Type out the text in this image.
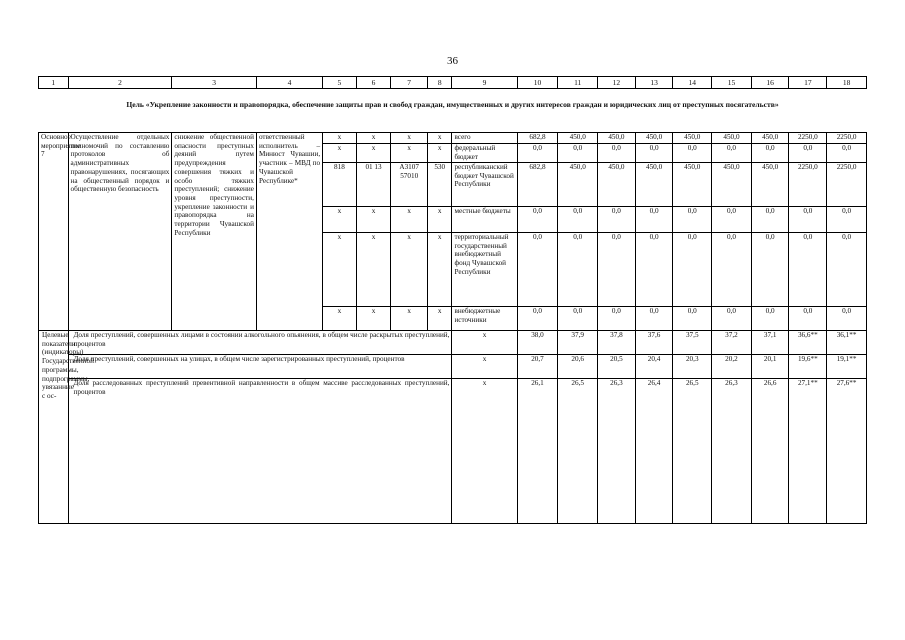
36
1	2	3	4	5	6	7	8	9	10	11	12	13	14	15	16	17	18
Цель «Укрепление законности и правопорядка, обеспечение защиты прав и свобод граждан, имущественных и других интересов граждан и юридических лиц от преступных посягательств»
Основное мероприятие 7	Осуществление отдельных полномочий по составлению протоколов об административных правонарушениях, посягающих на общественный порядок и общественную безопасность	снижение общественной опасности преступных деяний путем предупреждения совершения тяжких и особо тяжких преступлений; снижение уровня преступности, укрепление законности и правопорядка на территории Чувашской Республики	ответственный исполнитель – Минюст Чувашии, участник – МВД по Чувашской Республике*	x	x	x	x	всего	682,8	450,0	450,0	450,0	450,0	450,0	450,0	2250,0	2250,0
				x	x	x	x	федеральный бюджет	0,0	0,0	0,0	0,0	0,0	0,0	0,0	0,0	0,0
				818	01 13	А3107 57010	530	республиканский бюджет Чувашской Республики	682,8	450,0	450,0	450,0	450,0	450,0	450,0	2250,0	2250,0
				x	x	x	x	местные бюджеты	0,0	0,0	0,0	0,0	0,0	0,0	0,0	0,0	0,0
				x	x	x	x	территориальный государственный внебюджетный фонд Чувашской Республики	0,0	0,0	0,0	0,0	0,0	0,0	0,0	0,0	0,0
				x	x	x	x	внебюджетные источники	0,0	0,0	0,0	0,0	0,0	0,0	0,0	0,0	0,0
Целевые показатели (индикаторы) Государственной программы, подпрограммы, увязанные с ос-	Доля преступлений, совершенных лицами в состоянии алкогольного опьянения, в общем числе раскрытых преступлений, процентов							x	38,0	37,9	37,8	37,6	37,5	37,2	37,1	36,6**	36,1**
	Доля преступлений, совершенных на улицах, в общем числе зарегистрированных преступлений, процентов							x	20,7	20,6	20,5	20,4	20,3	20,2	20,1	19,6**	19,1**
	Доля расследованных преступлений превентивной направленности в общем массиве расследованных преступлений, процентов							x	26,1	26,5	26,3	26,4	26,5	26,3	26,6	27,1**	27,6**
